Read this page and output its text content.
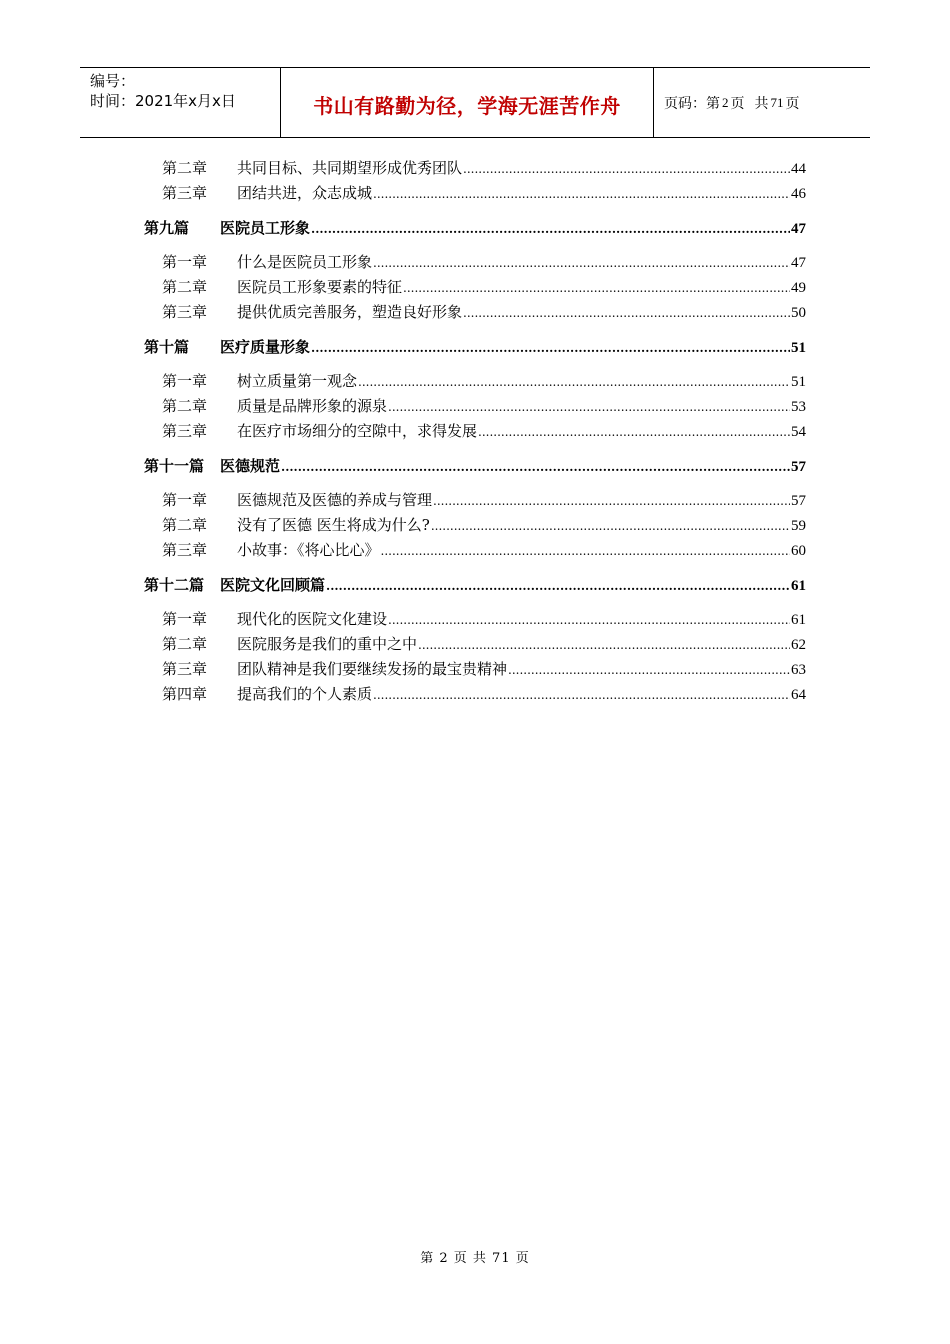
编号：
时间：2021年x月x日	书山有路勤为径，学海无涯苦作舟	页码：第 2 页 共 71 页
第二章	共同目标、共同期望形成优秀团队 .....	44
第三章	团结共进，众志成城 .....	46
第九篇	医院员工形象 .....	47
第一章	什么是医院员工形象 .....	47
第二章	医院员工形象要素的特征 .....	49
第三章	提供优质完善服务，塑造良好形象 .....	50
第十篇	医疗质量形象 .....	51
第一章	树立质量第一观念 .....	51
第二章	质量是品牌形象的源泉 .....	53
第三章	在医疗市场细分的空隙中，求得发展 .....	54
第十一篇	医德规范 .....	57
第一章	医德规范及医德的养成与管理 .....	57
第二章	没有了医德 医生将成为什么? .....	59
第三章	小故事：《将心比心》 .....	60
第十二篇	医院文化回顾篇 .....	61
第一章	现代化的医院文化建设 .....	61
第二章	医院服务是我们的重中之中 .....	62
第三章	团队精神是我们要继续发扬的最宝贵精神 .....	63
第四章	提高我们的个人素质 .....	64
第 2 页 共 71 页
